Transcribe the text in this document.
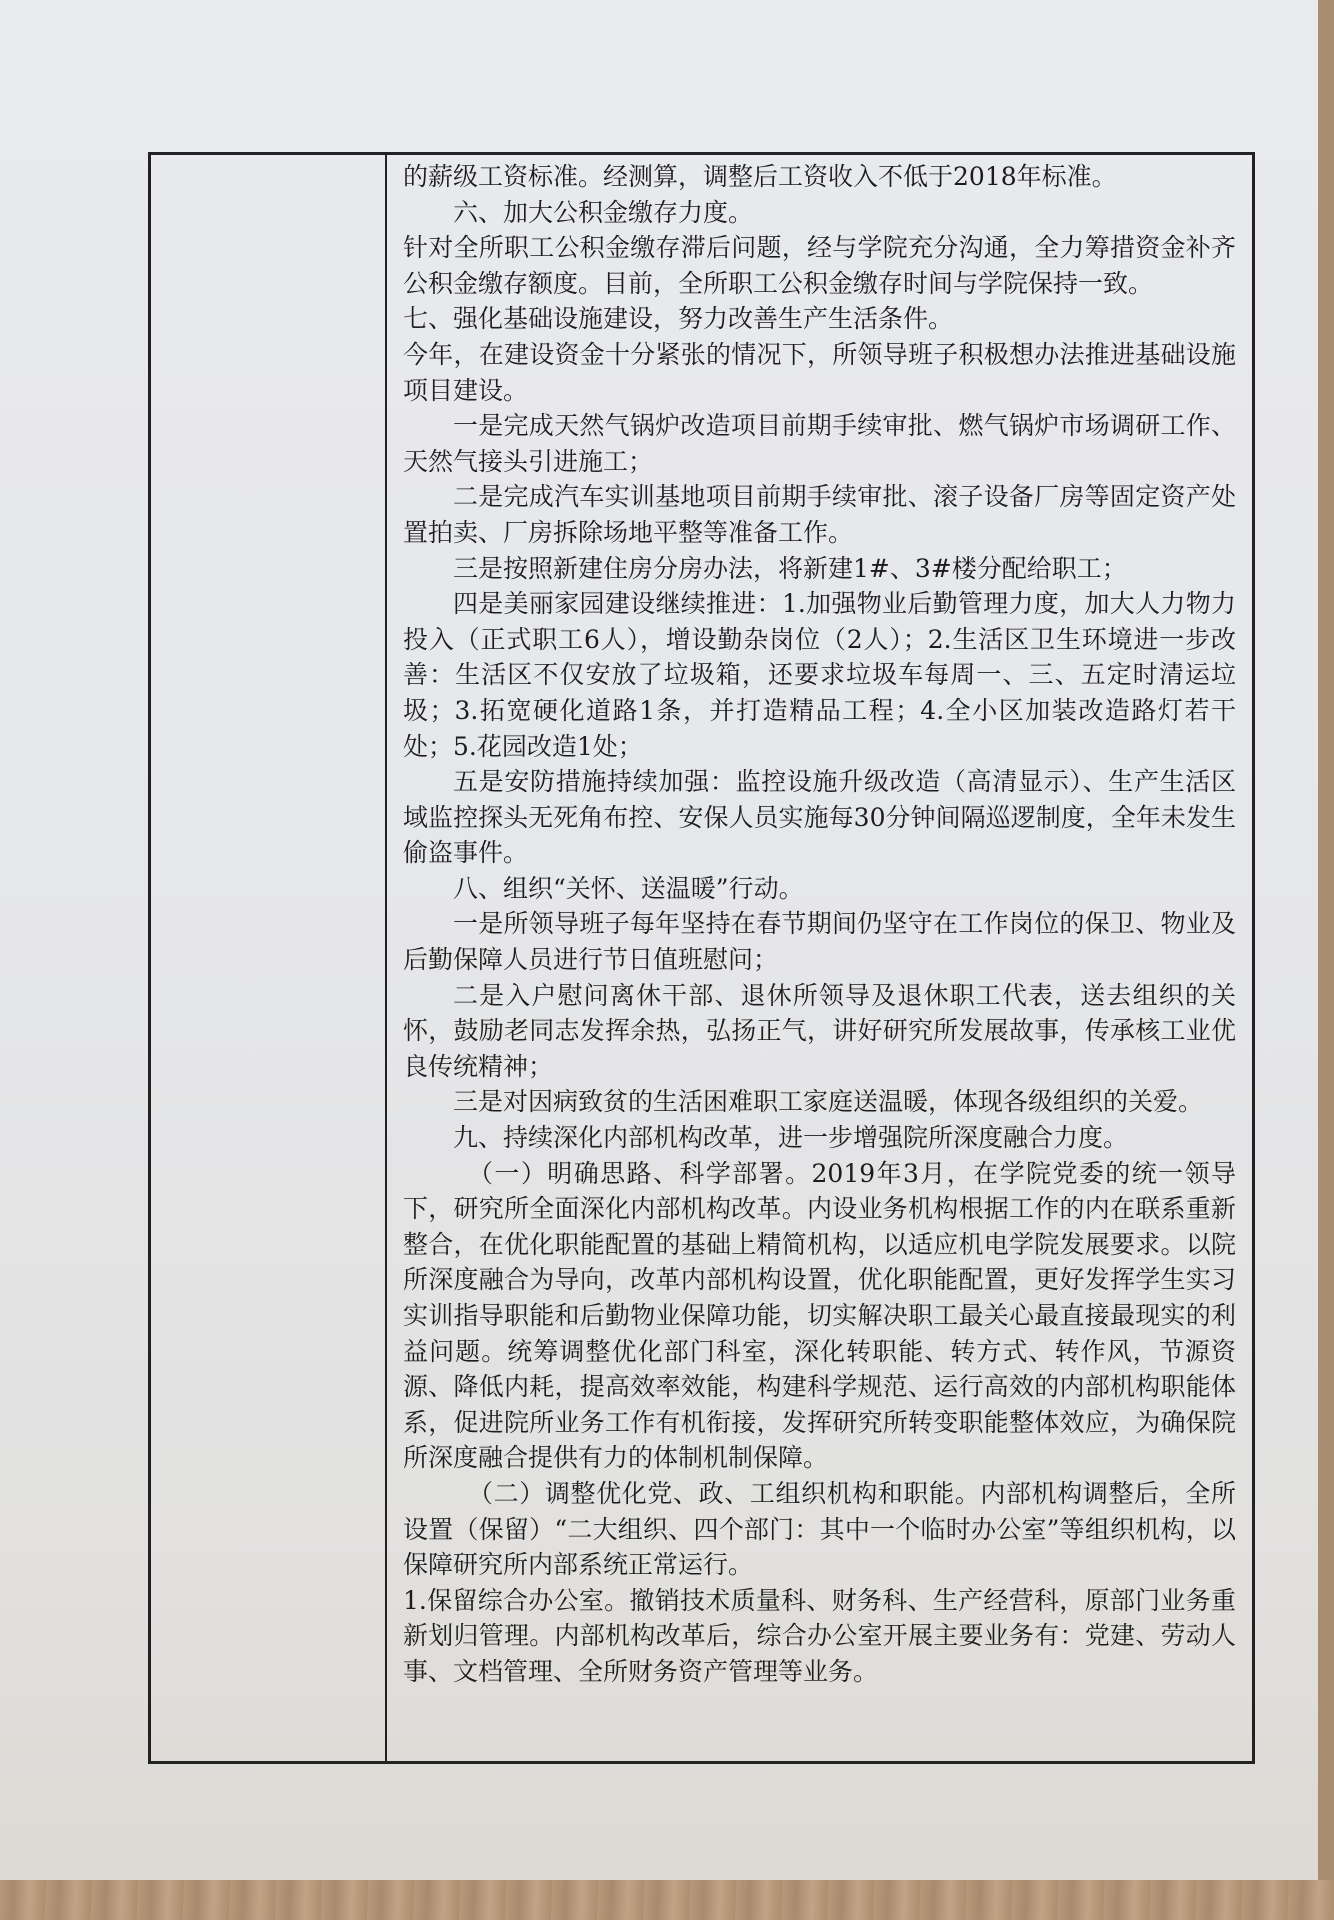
的薪级工资标准。经测算，调整后工资收入不低于2018年标准。

六、加大公积金缴存力度。

针对全所职工公积金缴存滞后问题，经与学院充分沟通，全力筹措资金补齐公积金缴存额度。目前，全所职工公积金缴存时间与学院保持一致。

七、强化基础设施建设，努力改善生产生活条件。

今年，在建设资金十分紧张的情况下，所领导班子积极想办法推进基础设施项目建设。

一是完成天然气锅炉改造项目前期手续审批、燃气锅炉市场调研工作、天然气接头引进施工；

二是完成汽车实训基地项目前期手续审批、滚子设备厂房等固定资产处置拍卖、厂房拆除场地平整等准备工作。

三是按照新建住房分房办法，将新建1#、3#楼分配给职工；

四是美丽家园建设继续推进：1.加强物业后勤管理力度，加大人力物力投入（正式职工6人），增设勤杂岗位（2人）；2.生活区卫生环境进一步改善：生活区不仅安放了垃圾箱，还要求垃圾车每周一、三、五定时清运垃圾；3.拓宽硬化道路1条，并打造精品工程；4.全小区加装改造路灯若干处；5.花园改造1处；

五是安防措施持续加强：监控设施升级改造（高清显示）、生产生活区域监控探头无死角布控、安保人员实施每30分钟间隔巡逻制度，全年未发生偷盗事件。

八、组织“关怀、送温暖”行动。

一是所领导班子每年坚持在春节期间仍坚守在工作岗位的保卫、物业及后勤保障人员进行节日值班慰问；

二是入户慰问离休干部、退休所领导及退休职工代表，送去组织的关怀，鼓励老同志发挥余热，弘扬正气，讲好研究所发展故事，传承核工业优良传统精神；

三是对因病致贫的生活困难职工家庭送温暖，体现各级组织的关爱。

九、持续深化内部机构改革，进一步增强院所深度融合力度。

（一）明确思路、科学部署。2019年3月，在学院党委的统一领导下，研究所全面深化内部机构改革。内设业务机构根据工作的内在联系重新整合，在优化职能配置的基础上精简机构，以适应机电学院发展要求。以院所深度融合为导向，改革内部机构设置，优化职能配置，更好发挥学生实习实训指导职能和后勤物业保障功能，切实解决职工最关心最直接最现实的利益问题。统筹调整优化部门科室，深化转职能、转方式、转作风，节源资源、降低内耗，提高效率效能，构建科学规范、运行高效的内部机构职能体系，促进院所业务工作有机衔接，发挥研究所转变职能整体效应，为确保院所深度融合提供有力的体制机制保障。

（二）调整优化党、政、工组织机构和职能。内部机构调整后，全所设置（保留）“二大组织、四个部门：其中一个临时办公室”等组织机构，以保障研究所内部系统正常运行。

1.保留综合办公室。撤销技术质量科、财务科、生产经营科，原部门业务重新划归管理。内部机构改革后，综合办公室开展主要业务有：党建、劳动人事、文档管理、全所财务资产管理等业务。
